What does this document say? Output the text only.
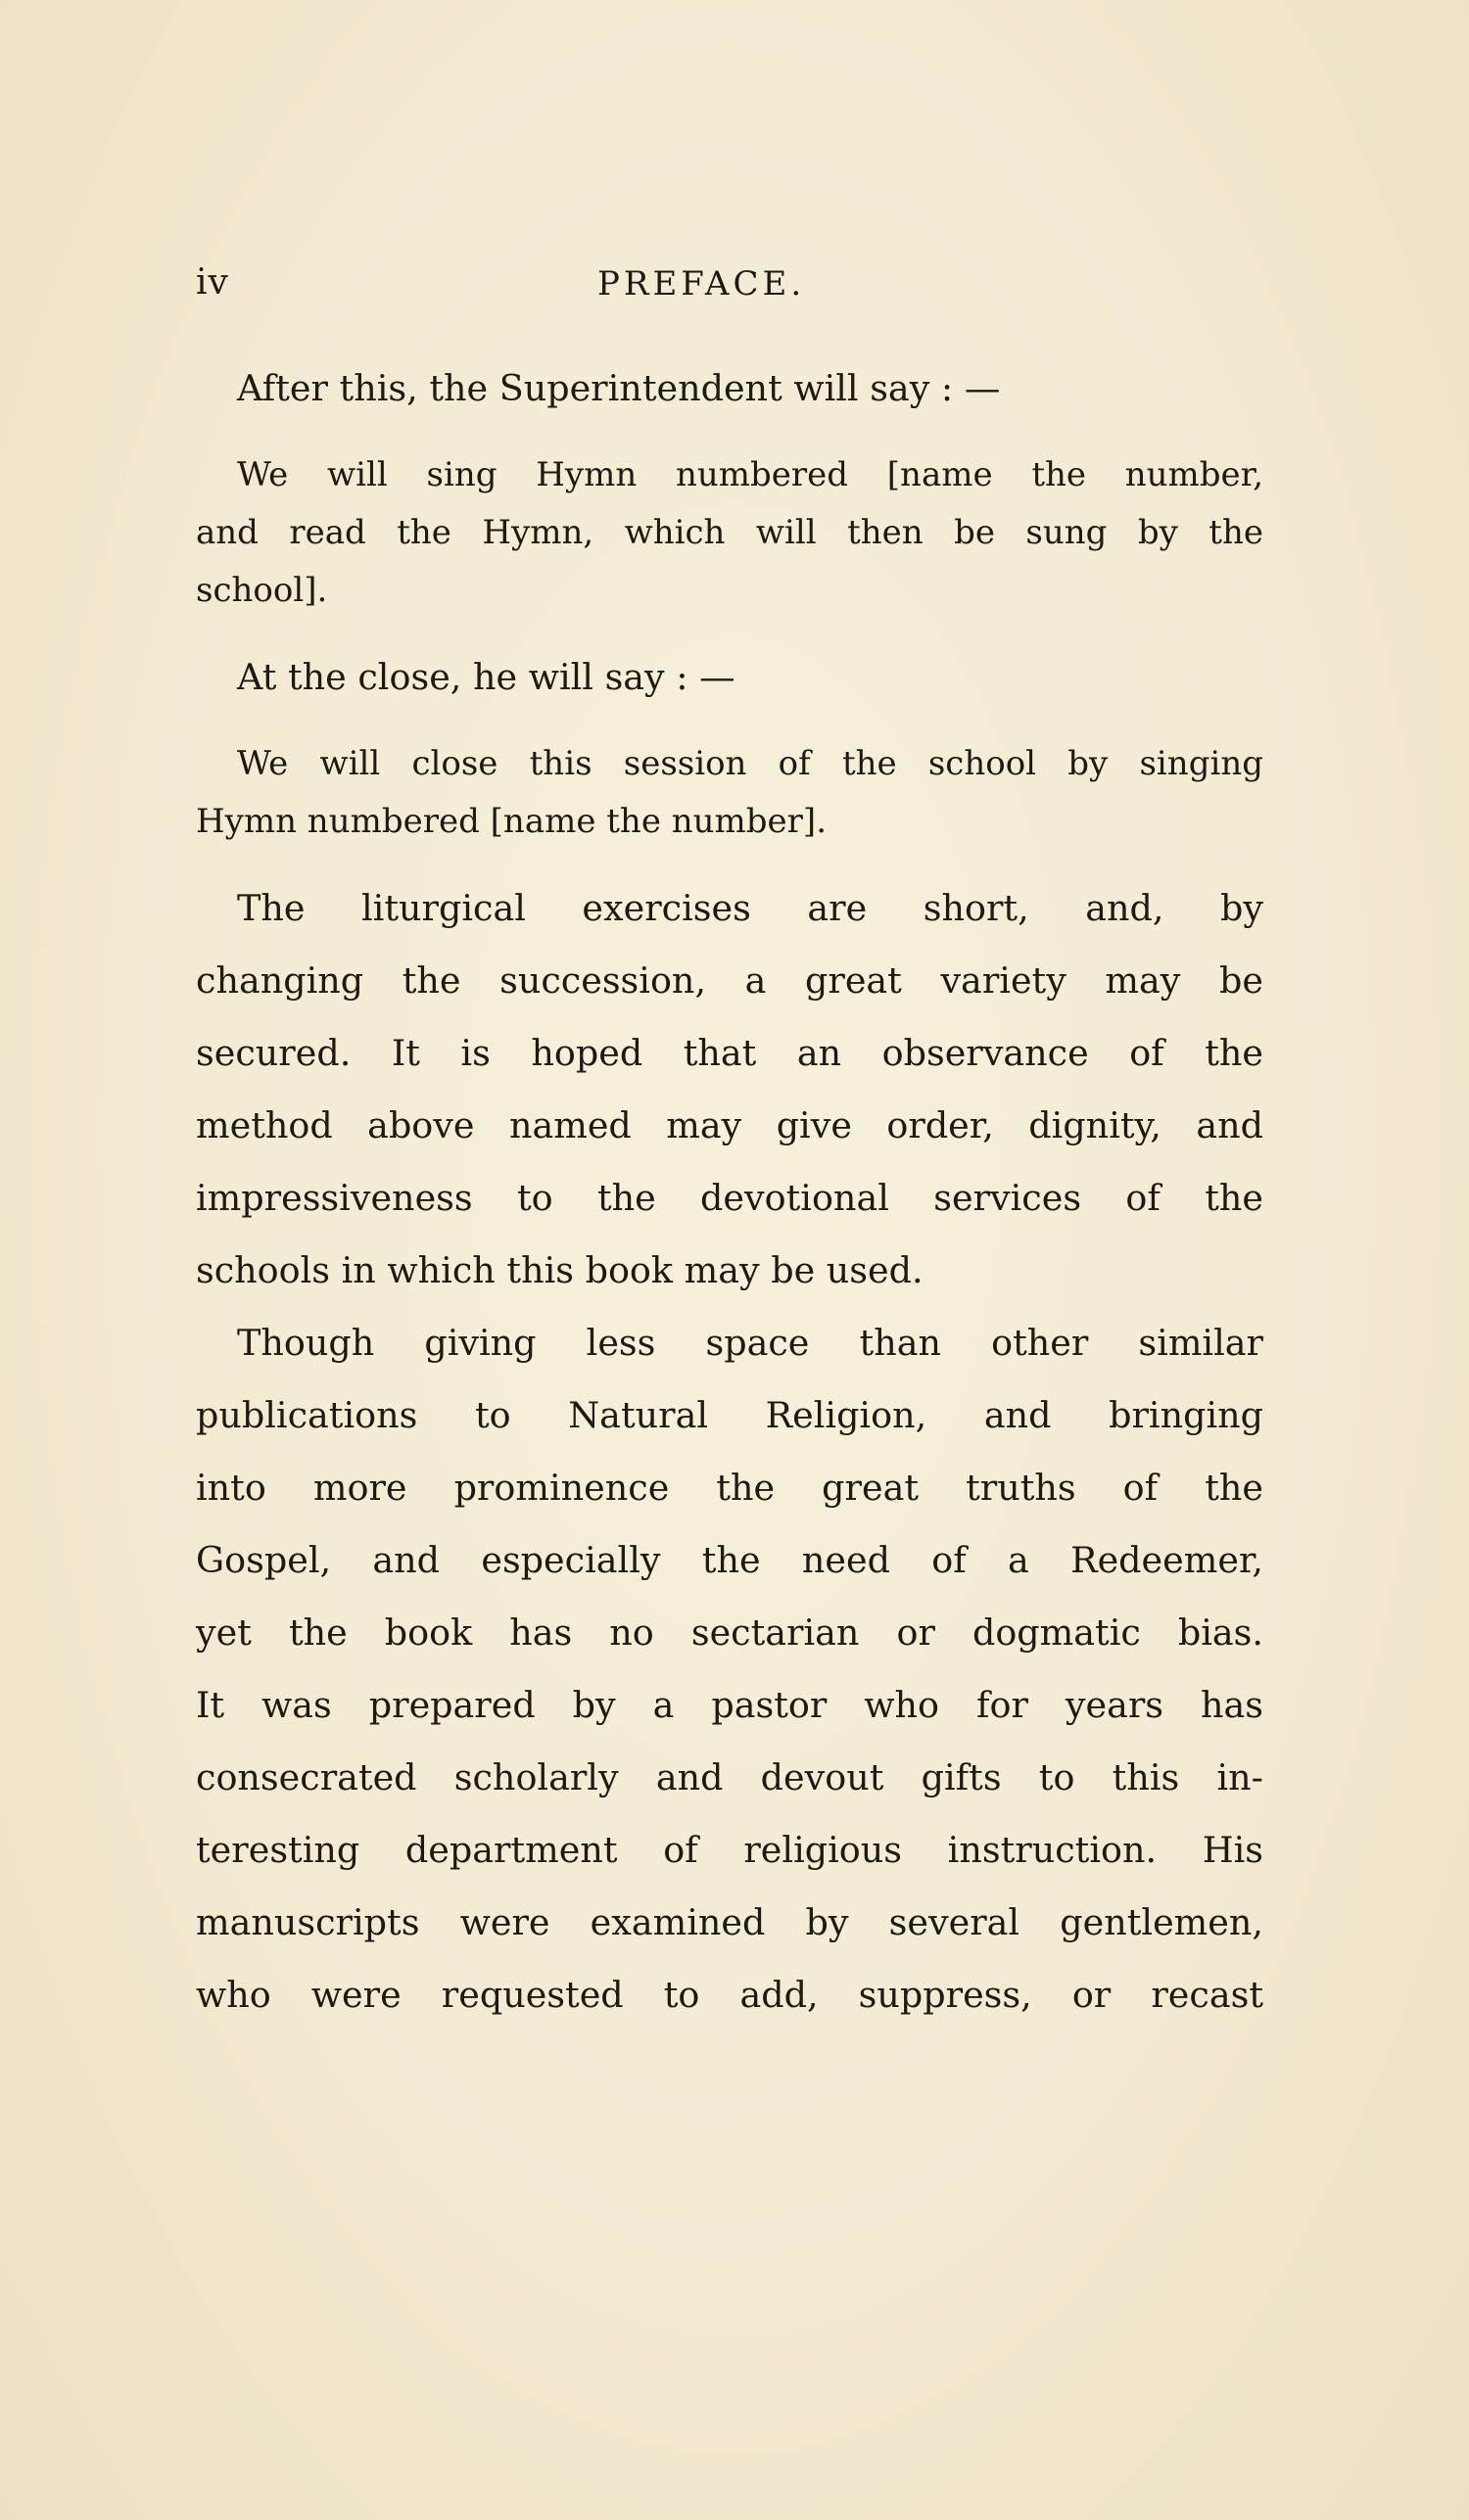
iv	PREFACE.

After this, the Superintendent will say : —

We will sing Hymn numbered [name the number,
and read the Hymn, which will then be sung by the
school].

At the close, he will say : —

We will close this session of the school by singing
Hymn numbered [name the number].
The liturgical exercises are short, and, by
changing the succession, a great variety may be
secured. It is hoped that an observance of the
method above named may give order, dignity, and
impressiveness to the devotional services of the
schools in which this book may be used.
Though giving less space than other similar
publications to Natural Religion, and bringing
into more prominence the great truths of the
Gospel, and especially the need of a Redeemer,
yet the book has no sectarian or dogmatic bias.
It was prepared by a pastor who for years has
consecrated scholarly and devout gifts to this in-
teresting department of religious instruction. His
manuscripts were examined by several gentlemen,
who were requested to add, suppress, or recast
